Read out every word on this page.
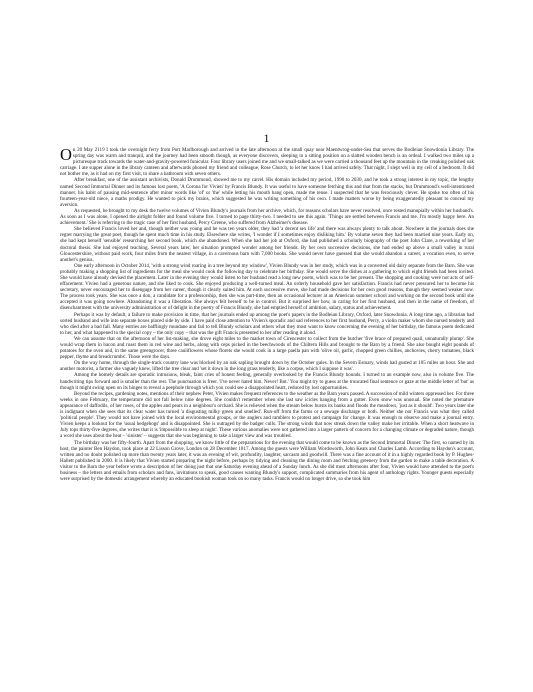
1

On 20 May 2119 I took the overnight ferry from Port Marlborough and arrived in the late afternoon at the small quay near Maentwrog-under-Sea that serves the Bodleian Snowdonia Library. The spring day was warm and tranquil, and the journey had been smooth though, as everyone discovers, sleeping in a sitting position on a slatted wooden bench is an ordeal. I walked two miles up a picturesque track towards the water-and-gravity-powered funicular. Four library users joined me and we small-talked as we were carried a thousand feet up the mountain in the creaking polished oak carriage. I ate supper alone in the library canteen and afterwards phoned my friend and colleague, Rose Church, to let her know I had arrived safely. That night, I slept well in my cell of a bedroom. It did not bother me, as it had on my first visit, to share a bathroom with seven others.

After breakfast, one of the assistant archivists, Donald Drummond, showed me to my carrel. His domain included my period, 1990 to 2030, and he took a strong interest in my topic, the lengthy named Second Immortal Dinner and its famous lost poem, 'A Corona for Vivien' by Francis Blundy. It was useful to have someone fetching this and that from the stacks, but Drummond's well-intentioned manner, his habit of pausing mid-sentence after minor words like 'of' or 'the' while letting his mouth hang open, made me tense. I suspected that he was ferociously clever. He spoke too often of his fourteen-year-old niece, a maths prodigy. He wanted to pick my brains, which suggested he was writing something of his own. I made matters worse by being exaggeratedly pleasant to conceal my aversion.

As requested, he brought to my desk the twelve volumes of Vivien Blundy's journals from her archive, which, for reasons scholars have never resolved, once rested manupially within her husband's. As soon as I was alone, I opened the airtight folder and found volume five. I turned to page thirty-two. I needed to see this again. 'Things are settled between Francis and me. I'm mostly happy here. An achievement.' She is referring to the tragic case of her first husband, Percy Greene, who suffered from Alzheimer's disease.

She believed Francis loved her and, though neither was young and he was ten years older, they had 'a decent sex life' and there was always plenty to talk about. Nowhere in the journals does she regret marrying the great poet, though he spent much time in his study. Elsewhere she writes, 'I wonder if I sometimes enjoy disliking him.' By volume seven they had been married nine years. Early on, she had kept herself 'sensible' researching her second book, which she abandoned. When she had her job at Oxford, she had published a scholarly biography of the poet John Clare, a reworking of her doctoral thesis. She had enjoyed teaching. Several years later, her situation prompted wonder among her friends. By her own successive decisions, she had ended up above a small valley in rural Gloucestershire, without paid work, four miles from the nearest village, in a cavernous barn with 7,000 books. She would never have guessed that she would abandon a career, a vocation even, to serve another's genius.

One early afternoon in October 2014, 'with a strong wind roaring in a tree beyond my window', Vivien Blundy was in her study, which was in a converted old dairy separate from the Barn. She was probably making a shopping list of ingredients for the meal she would cook the following day to celebrate her birthday. She would serve the dishes at a gathering to which eight friends had been invited. She would have already devised the placement. Later in the evening they would listen to her husband read a long new poem, which was to be her present. The shopping and cooking were not acts of self-effacement. Vivien had a generous nature, and she liked to cook. She enjoyed producing a well-turned meal. An orderly household gave her satisfaction. Francis had never pressured her to become his secretary, never encouraged her to disengage from her career, though it clearly suited him. At each successive move, she had made decisions for her own good reasons, though they seemed weaker now. The process took years. She was once a don, a candidate for a professorship, then she was part-time, then an occasional lecturer at an American summer school and working on the second book until she accepted it was going nowhere. Abandoning it was a liberation. She always felt herself to be in control. But it surprised her how, in caring for her first husband, and then in the name of freedom, of disenchantment with the university administration or of delight in the poetry of Francis Blundy, she had emptied herself of ambition, salary, status and achievement.

Perhaps it was by default, a failure to make provision in time, that her journals ended up among the poet's papers in the Bodleian Library, Oxford, later Snowdonia. A long time ago, a librarian had sorted husband and wife into separate boxes placed side by side. I have paid close attention to Vivien's sporadic and sad references to her first husband, Percy, a violin maker whom she nursed tenderly and who died after a bad fall. Many entries are bafflingly mundane and fail to tell Blundy scholars and others what they most want to know concerning the evening of her birthday, the famous poem dedicated to her, and what happened to the special copy – the only copy – that was the gift Francis presented to her after reading it aloud.

We can assume that on the afternoon of her list-making, she drove eight miles to the market town of Cirencester to collect from the butcher 'five brace of prepared quail, unnaturally plump'. She would wrap them in bacon and roast them in red wine and herbs, along with ceps picked in the beechwoods of the Chiltern Hills and brought to the Barn by a friend. She also bought eight pounds of potatoes for the oven and, in the same greengrocer, three cauliflowers whose florets she would cook in a large paella pan with 'olive oil, garlic, chopped green chillies, anchovies, cherry tomatoes, black pepper, thyme and breadcrumbs'. Those were the days.

On the way home, through the single-track country lane was blocked by an oak sapling brought down by the October gales. In the Severn Estuary, winds had gusted at 105 miles an hour. She and another motorist, a farmer she vaguely knew, lifted the tree clear and 'set it down in the long grass tenderly, like a corpse, which I suppose it was'.

Among the homely details are sporadic intrusions, bleak, faint cries of honest feeling, generally overlooked by the Francis Blundy hounds. I turned to an example now, also in volume five. The handwriting tips forward and is smaller than the rest. The punctuation is freer. 'I've never hated him. Never! But.' You might try to guess at the truncated final sentence or gaze at the middle letter of 'but' as though it might swing open on its hinges to reveal a peephole through which you could see a disappointed heart, reduced by lost opportunities.

Beyond the recipes, gardening notes, mentions of their nephew Peter, Vivien makes frequent references to the weather as the Barn years passed. A succession of mild winters oppressed her. For three weeks in one February, the temperature did not fall below nine degrees. She couldn't remember when she last saw icicles hanging from a gutter. Even snow was unusual. She noted the premature appearance of daffodils, of her roses, of the apples and pears in a neighbour's orchard. She is relieved when the stream below bursts its banks and floods the meadows, 'just as it should'. Two years later she is indignant when she sees that its clear water has turned 'a disgusting milky green and smelled'. Run-off from the farms or a sewage discharge or both. Neither she nor Francis was what they called 'political people'. They would not have joined with the local environmental groups, or the anglers and ramblers to protest and campaign for change. It was enough to observe and make a journal entry. Vivien keeps a lookout for the 'usual hedgehogs' and is disappointed. She is outraged by the badger culls. The strong winds that now streak down the valley make her irritable. When a short heatwave in July tops thirty-five degrees, she writes that it is 'impossible to sleep at night'. These various anomalies were not gathered into a larger pattern of concern for a changing climate or degraded nature, though a word she uses about the heat – 'sinister' – suggests that she was beginning to take a larger view and was troubled.

The birthday was her fifty-fourth. Apart from the shopping, we know little of the preparations for the evening that would come to be known as the Second Immortal Dinner. The first, so named by its host, the painter Ben Haydon, took place at 22 Lisson Grove, London on 28 December 1817. Among the guests were William Wordsworth, John Keats and Charles Lamb. According to Haydon's account, written and no doubt polished up more than twenty years later, it was an evening of wit, profundity, laughter, sarcasm and goodwill. There was a fine account of it in a highly regarded book by P. Hughes-Hallett published in 2000. It is likely that Vivien started preparing the night before, perhaps by tidying and cleaning the dining room and fetching greenery from the garden to make a table decoration. A visitor to the Barn the year before wrote a description of her doing just that one Saturday evening ahead of a Sunday lunch. As she did most afternoons after four, Vivien would have attended to the poet's business – the letters and emails from scholars and fans, invitations to speak, good causes wanting Blundy's support, complicated summaries from his agent of anthology rights. Younger guests especially were surprised by the domestic arrangement whereby an educated bookish woman took on so many tasks. Francis would no longer drive, so she took him
